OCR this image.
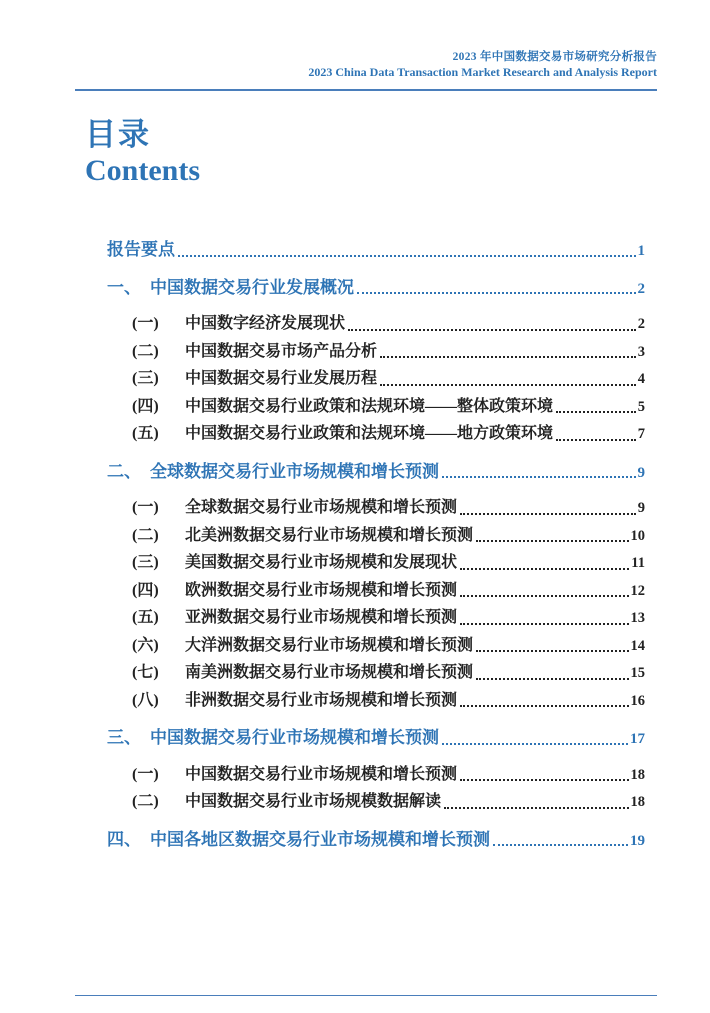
2023 年中国数据交易市场研究分析报告
2023 China Data Transaction Market Research and Analysis Report
目录
Contents
报告要点	1
一、 中国数据交易行业发展概况	2
(一)	中国数字经济发展现状	2
(二)	中国数据交易市场产品分析	3
(三)	中国数据交易行业发展历程	4
(四)	中国数据交易行业政策和法规环境——整体政策环境	5
(五)	中国数据交易行业政策和法规环境——地方政策环境	7
二、 全球数据交易行业市场规模和增长预测	9
(一)	全球数据交易行业市场规模和增长预测	9
(二)	北美洲数据交易行业市场规模和增长预测	10
(三)	美国数据交易行业市场规模和发展现状	11
(四)	欧洲数据交易行业市场规模和增长预测	12
(五)	亚洲数据交易行业市场规模和增长预测	13
(六)	大洋洲数据交易行业市场规模和增长预测	14
(七)	南美洲数据交易行业市场规模和增长预测	15
(八)	非洲数据交易行业市场规模和增长预测	16
三、 中国数据交易行业市场规模和增长预测	17
(一)	中国数据交易行业市场规模和增长预测	18
(二)	中国数据交易行业市场规模数据解读	18
四、 中国各地区数据交易行业市场规模和增长预测	19
